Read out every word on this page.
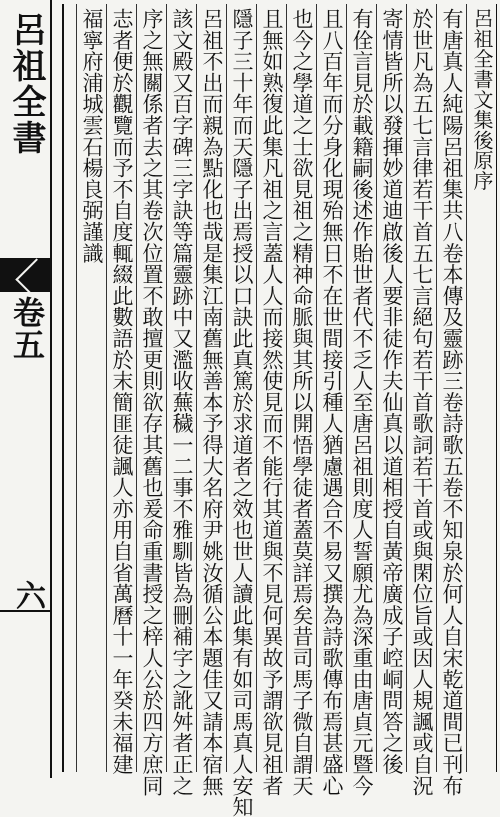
呂祖全書
卷五
六
呂祖全書文集後原序
有唐真人純陽呂祖集共八卷本傳及靈跡三卷詩歌五卷不知泉於何人自宋乾道間已刊布
於世凡為五七言律若干首五七言絕句若干首歌詞若干首或與閑位旨或因人規諷或自況
寄情皆所以發揮妙道迪啟後人要非徒作夫仙真以道相授自黃帝廣成子崆峒問答之後
有佺言見於載籍嗣後述作貽世者代不乏人至唐呂祖則度人誓願尤為深重由唐貞元暨今
且八百年而分身化現殆無日不在世間接引種人猶慮遇合不易又撰為詩歌傳布焉甚盛心
也今之學道之士欲見祖之精神命脈與其所以開悟學徒者蓋莫詳焉矣昔司馬子微自謂天
且無如熟復此集凡祖之言蓋人人而接然使見而不能行其道與不見何異故予謂欲見祖者
隱子三十年而天隱子出焉授以口訣此真篤於求道者之效也世人讀此集有如司馬真人安知
呂祖不出而親為點化也哉是集江南舊無善本予得大名府尹姚汝循公本題佳又請本宿無
該文殿又百字碑三字訣等篇靈跡中又濫收蕪穢一二事不雅馴皆為刪補字之訛舛者正之
序之無關係者去之其卷次位置不敢擅更則欲存其舊也爰命重書授之梓人公於四方庶同
志者便於觀覽而予不自度輒綴此數語於末簡匪徒諷人亦用自省萬曆十一年癸未福建
福寧府浦城雲石楊良弼謹識
